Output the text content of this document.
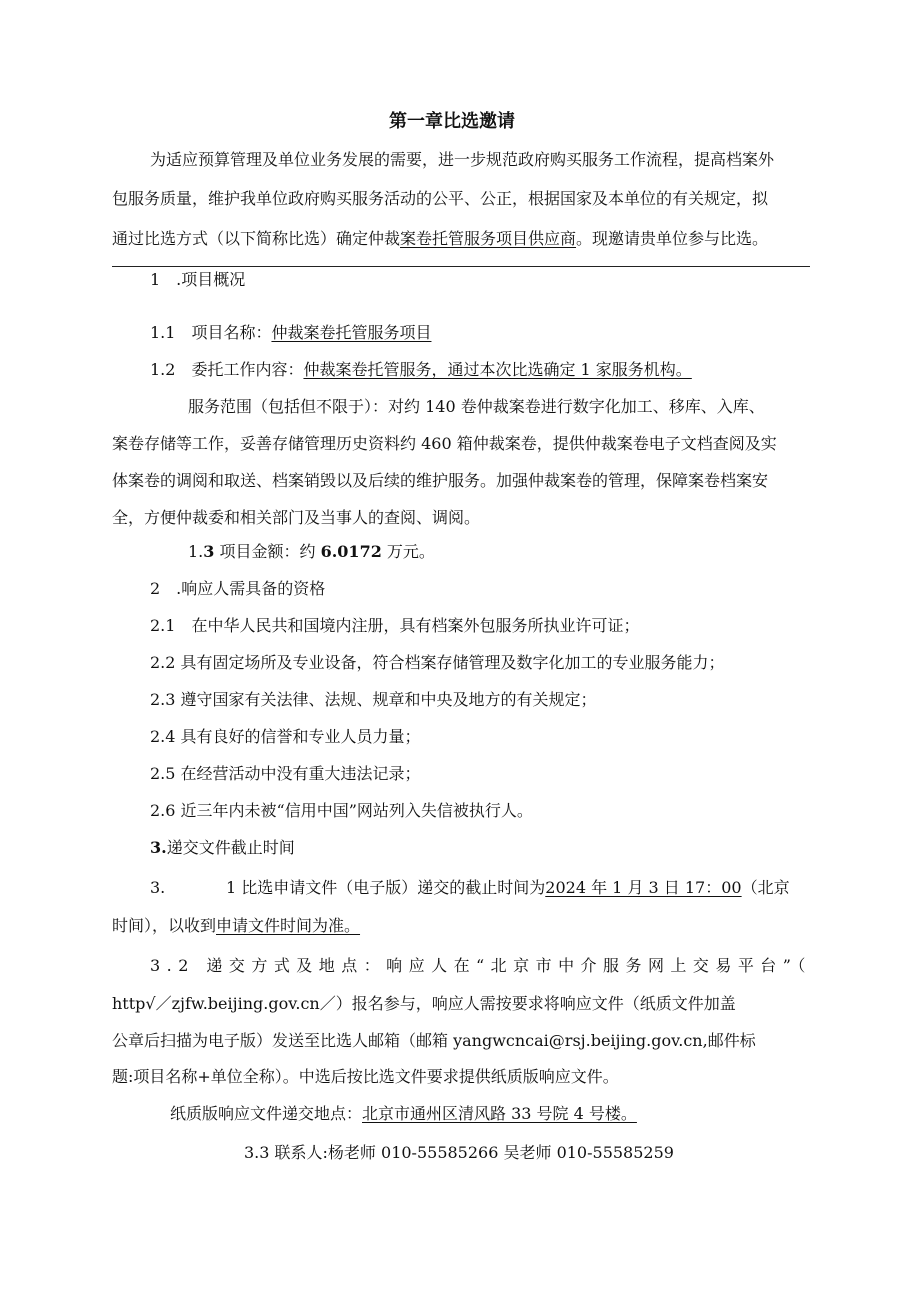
第一章比选邀请
为适应预算管理及单位业务发展的需要，进一步规范政府购买服务工作流程，提高档案外
包服务质量，维护我单位政府购买服务活动的公平、公正，根据国家及本单位的有关规定，拟
通过比选方式（以下简称比选）确定仲裁案卷托管服务项目供应商。现邀请贵单位参与比选。
1　.项目概况
1.1　项目名称：仲裁案卷托管服务项目
1.2　委托工作内容：仲裁案卷托管服务，通过本次比选确定 1 家服务机构。
服务范围（包括但不限于）：对约 140 卷仲裁案卷进行数字化加工、移库、入库、
案卷存储等工作，妥善存储管理历史资料约 460 箱仲裁案卷，提供仲裁案卷电子文档查阅及实
体案卷的调阅和取送、档案销毁以及后续的维护服务。加强仲裁案卷的管理，保障案卷档案安
全，方便仲裁委和相关部门及当事人的查阅、调阅。
1.3 项目金额：约 6.0172 万元。
2　.响应人需具备的资格
2.1　在中华人民共和国境内注册，具有档案外包服务所执业许可证；
2.2 具有固定场所及专业设备，符合档案存储管理及数字化加工的专业服务能力；
2.3 遵守国家有关法律、法规、规章和中央及地方的有关规定；
2.4 具有良好的信誉和专业人员力量；
2.5 在经营活动中没有重大违法记录；
2.6 近三年内未被“信用中国”网站列入失信被执行人。
3.递交文件截止时间
3.	1 比选申请文件（电子版）递交的截止时间为2024 年 1 月 3 日 17：00（北京
时间），以收到申请文件时间为准。
3.2 递交方式及地点：响应人在“北京市中介服务网上交易平台”（
http√／zjfw.beijing.gov.cn／）报名参与，响应人需按要求将响应文件（纸质文件加盖
公章后扫描为电子版）发送至比选人邮箱（邮箱 yangwcncai@rsj.beijing.gov.cn,邮件标
题:项目名称+单位全称）。中选后按比选文件要求提供纸质版响应文件。
纸质版响应文件递交地点：北京市通州区清风路 33 号院 4 号楼。
3.3 联系人:杨老师 010-55585266 吴老师 010-55585259
